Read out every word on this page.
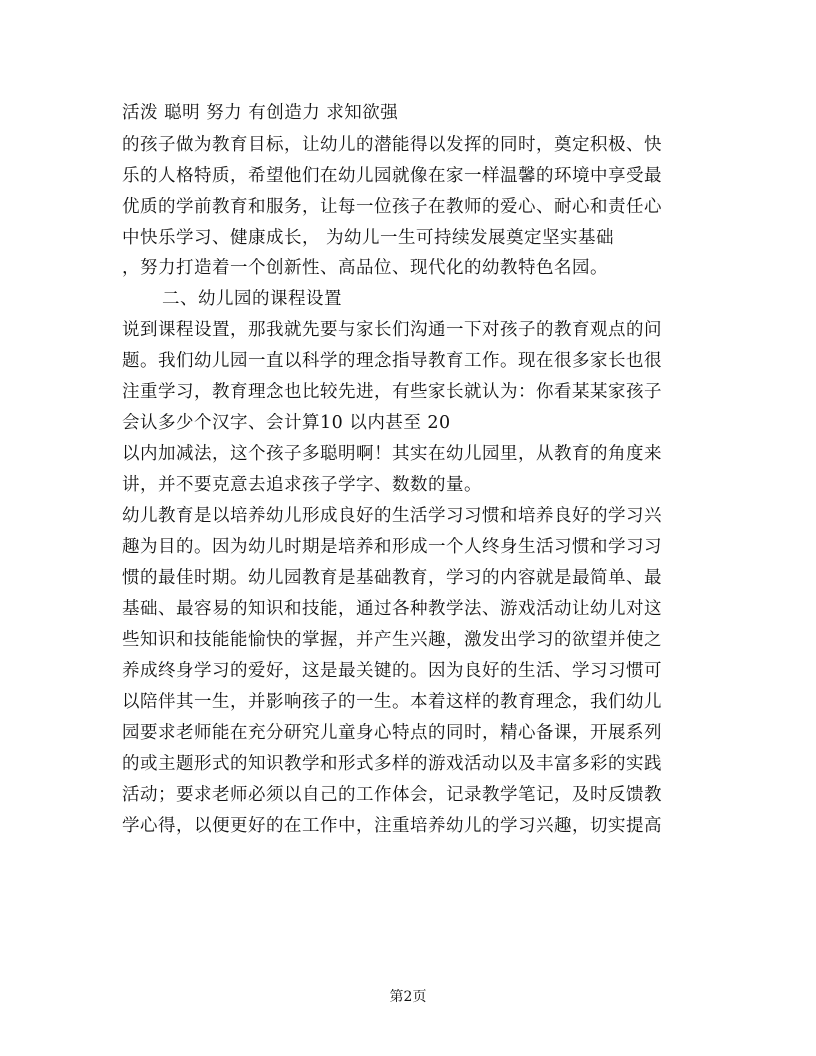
活泼 聪明 努力 有创造力 求知欲强
的孩子做为教育目标，让幼儿的潜能得以发挥的同时，奠定积极、快
乐的人格特质，希望他们在幼儿园就像在家一样温馨的环境中享受最
优质的学前教育和服务，让每一位孩子在教师的爱心、耐心和责任心
中快乐学习、健康成长， 为幼儿一生可持续发展奠定坚实基础
，努力打造着一个创新性、高品位、现代化的幼教特色名园。
二、幼儿园的课程设置
说到课程设置，那我就先要与家长们沟通一下对孩子的教育观点的问
题。我们幼儿园一直以科学的理念指导教育工作。现在很多家长也很
注重学习，教育理念也比较先进，有些家长就认为：你看某某家孩子
会认多少个汉字、会计算10 以内甚至 20
以内加减法，这个孩子多聪明啊！其实在幼儿园里，从教育的角度来
讲，并不要克意去追求孩子学字、数数的量。
幼儿教育是以培养幼儿形成良好的生活学习习惯和培养良好的学习兴
趣为目的。因为幼儿时期是培养和形成一个人终身生活习惯和学习习
惯的最佳时期。幼儿园教育是基础教育，学习的内容就是最简单、最
基础、最容易的知识和技能，通过各种教学法、游戏活动让幼儿对这
些知识和技能能愉快的掌握，并产生兴趣，激发出学习的欲望并使之
养成终身学习的爱好，这是最关键的。因为良好的生活、学习习惯可
以陪伴其一生，并影响孩子的一生。本着这样的教育理念，我们幼儿
园要求老师能在充分研究儿童身心特点的同时，精心备课，开展系列
的或主题形式的知识教学和形式多样的游戏活动以及丰富多彩的实践
活动；要求老师必须以自己的工作体会，记录教学笔记，及时反馈教
学心得，以便更好的在工作中，注重培养幼儿的学习兴趣，切实提高
第2页
